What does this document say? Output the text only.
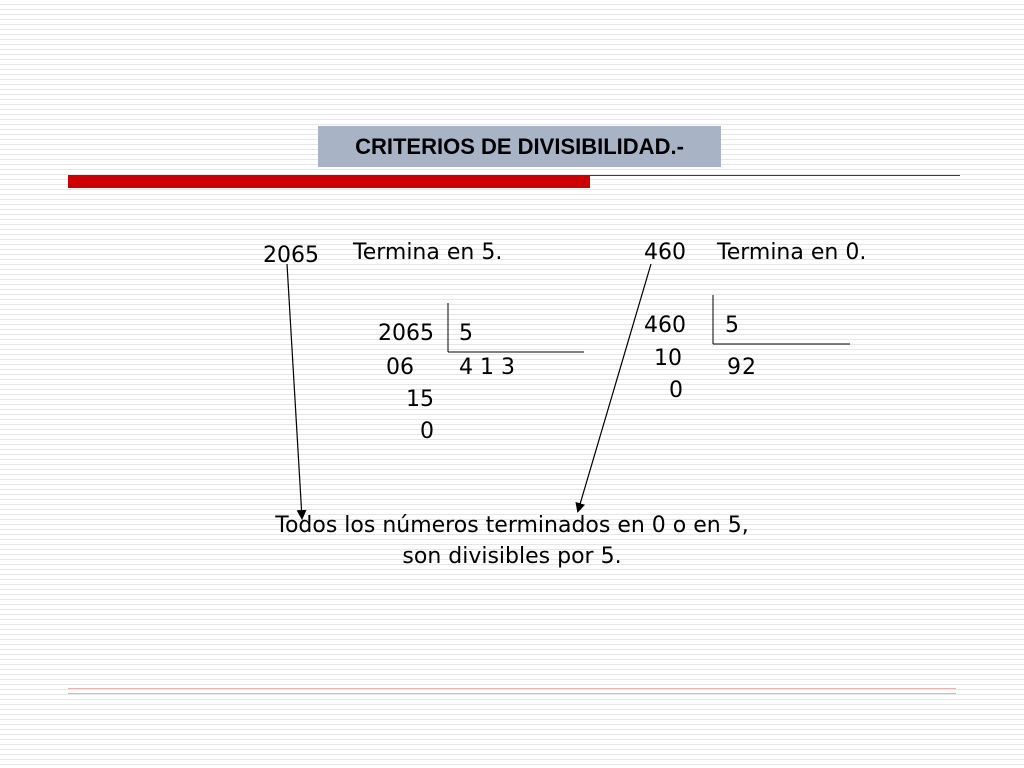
CRITERIOS DE DIVISIBILIDAD.-
2065 Termina en 5.
2065 5
4 1 3
06
15
0
460 Termina en 0.
460 5
9 2
10
0
Todos los números terminados en 0 o en 5,
son divisibles por 5.
